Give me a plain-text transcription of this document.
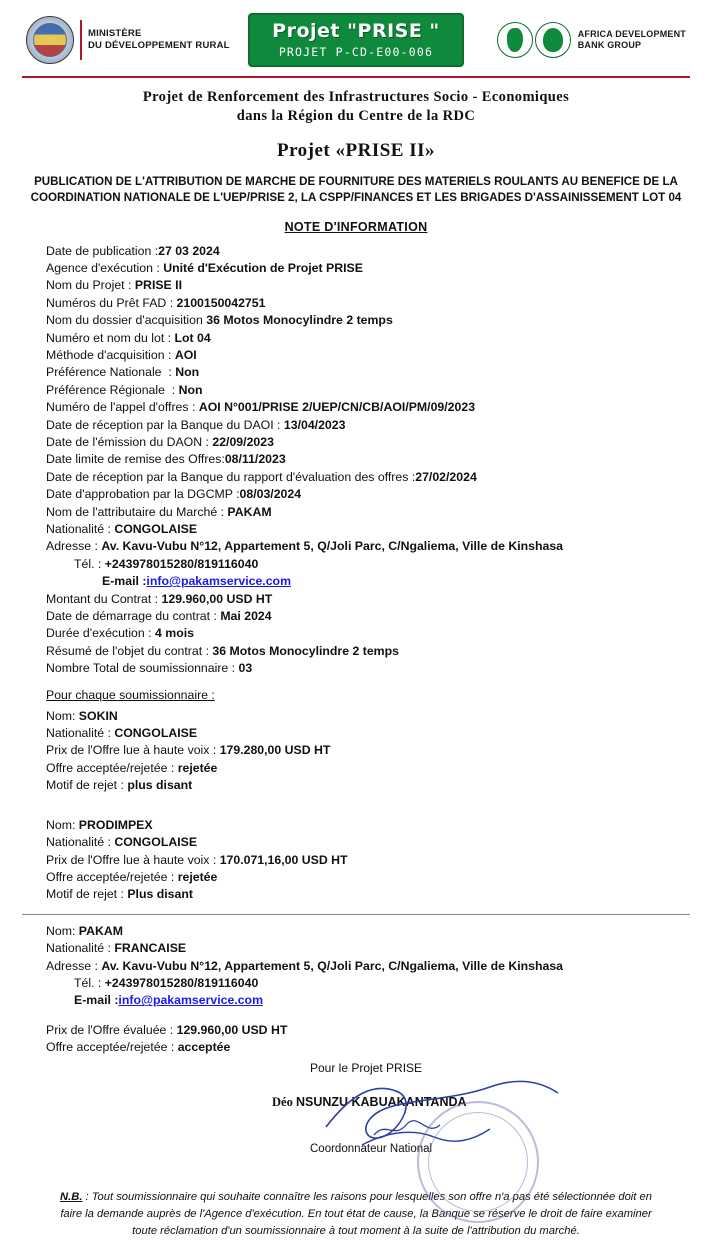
MINISTÈRE
DU DÉVELOPPEMENT RURAL
Projet "PRISE "
PROJET P-CD-E00-006
AFRICA DEVELOPMENT
BANK GROUP
Projet de Renforcement des Infrastructures Socio - Economiques
dans la Région du Centre de la RDC
Projet «PRISE II»
PUBLICATION DE L'ATTRIBUTION DE MARCHE DE FOURNITURE DES MATERIELS ROULANTS AU BENEFICE DE LA COORDINATION NATIONALE DE L'UEP/PRISE 2, LA CSPP/FINANCES ET LES BRIGADES D'ASSAINISSEMENT LOT 04
NOTE D'INFORMATION
Date de publication :27 03 2024
Agence d'exécution : Unité d'Exécution de Projet PRISE
Nom du Projet : PRISE II
Numéros du Prêt FAD : 2100150042751
Nom du dossier d'acquisition 36 Motos Monocylindre 2 temps
Numéro et nom du lot : Lot 04
Méthode d'acquisition : AOI
Préférence Nationale  : Non
Préférence Régionale  : Non
Numéro de l'appel d'offres : AOI N°001/PRISE 2/UEP/CN/CB/AOI/PM/09/2023
Date de réception par la Banque du DAOI : 13/04/2023
Date de l'émission du DAON : 22/09/2023
Date limite de remise des Offres:08/11/2023
Date de réception par la Banque du rapport d'évaluation des offres :27/02/2024
Date d'approbation par la DGCMP :08/03/2024
Nom de l'attributaire du Marché : PAKAM
Nationalité : CONGOLAISE
Adresse : Av. Kavu-Vubu N°12, Appartement 5, Q/Joli Parc, C/Ngaliema, Ville de Kinshasa
Tél. : +243978015280/819116040
E-mail :info@pakamservice.com
Montant du Contrat : 129.960,00 USD HT
Date de démarrage du contrat : Mai 2024
Durée d'exécution : 4 mois
Résumé de l'objet du contrat : 36 Motos Monocylindre 2 temps
Nombre Total de soumissionnaire : 03
Pour chaque soumissionnaire :
Nom: SOKIN
Nationalité : CONGOLAISE
Prix de l'Offre lue à haute voix : 179.280,00 USD HT
Offre acceptée/rejetée : rejetée
Motif de rejet : plus disant
Nom: PRODIMPEX
Nationalité : CONGOLAISE
Prix de l'Offre lue à haute voix : 170.071,16,00 USD HT
Offre acceptée/rejetée : rejetée
Motif de rejet : Plus disant
Nom: PAKAM
Nationalité : FRANCAISE
Adresse : Av. Kavu-Vubu N°12, Appartement 5, Q/Joli Parc, C/Ngaliema, Ville de Kinshasa
Tél. : +243978015280/819116040
E-mail :info@pakamservice.com
Prix de l'Offre évaluée : 129.960,00 USD HT
Offre acceptée/rejetée : acceptée
Pour le Projet PRISE
Déo NSUNZU KABUAKANTANDA
Coordonnateur National
N.B. : Tout soumissionnaire qui souhaite connaître les raisons pour lesquelles son offre n'a pas été sélectionnée doit en faire la demande auprès de l'Agence d'exécution. En tout état de cause, la Banque se réserve le droit de faire examiner toute réclamation d'un soumissionnaire à tout moment à la suite de l'attribution du marché.
